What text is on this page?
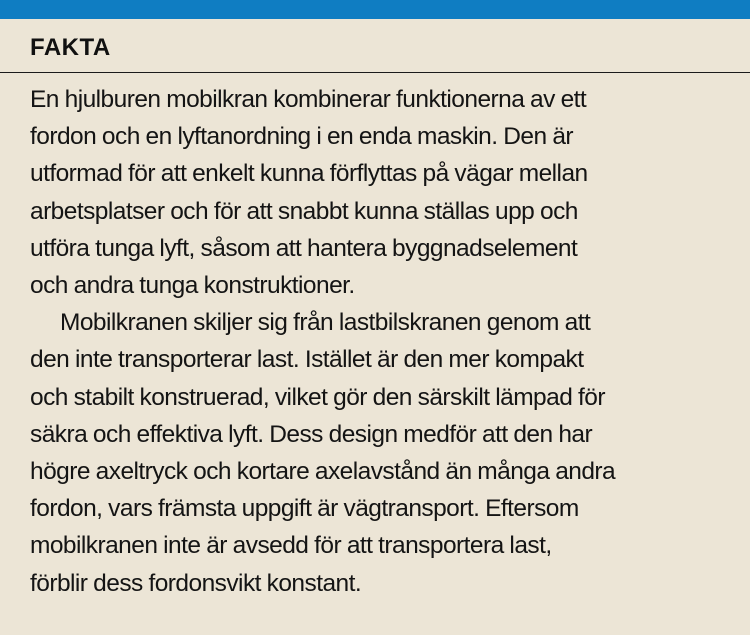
FAKTA
En hjulburen mobilkran kombinerar funktionerna av ett
fordon och en lyftanordning i en enda maskin. Den är
utformad för att enkelt kunna förflyttas på vägar mellan
arbetsplatser och för att snabbt kunna ställas upp och
utföra tunga lyft, såsom att hantera byggnadselement
och andra tunga konstruktioner.
Mobilkranen skiljer sig från lastbilskranen genom att
den inte transporterar last. Istället är den mer kompakt
och stabilt konstruerad, vilket gör den särskilt lämpad för
säkra och effektiva lyft. Dess design medför att den har
högre axeltryck och kortare axelavstånd än många andra
fordon, vars främsta uppgift är vägtransport. Eftersom
mobilkranen inte är avsedd för att transportera last,
förblir dess fordonsvikt konstant.
